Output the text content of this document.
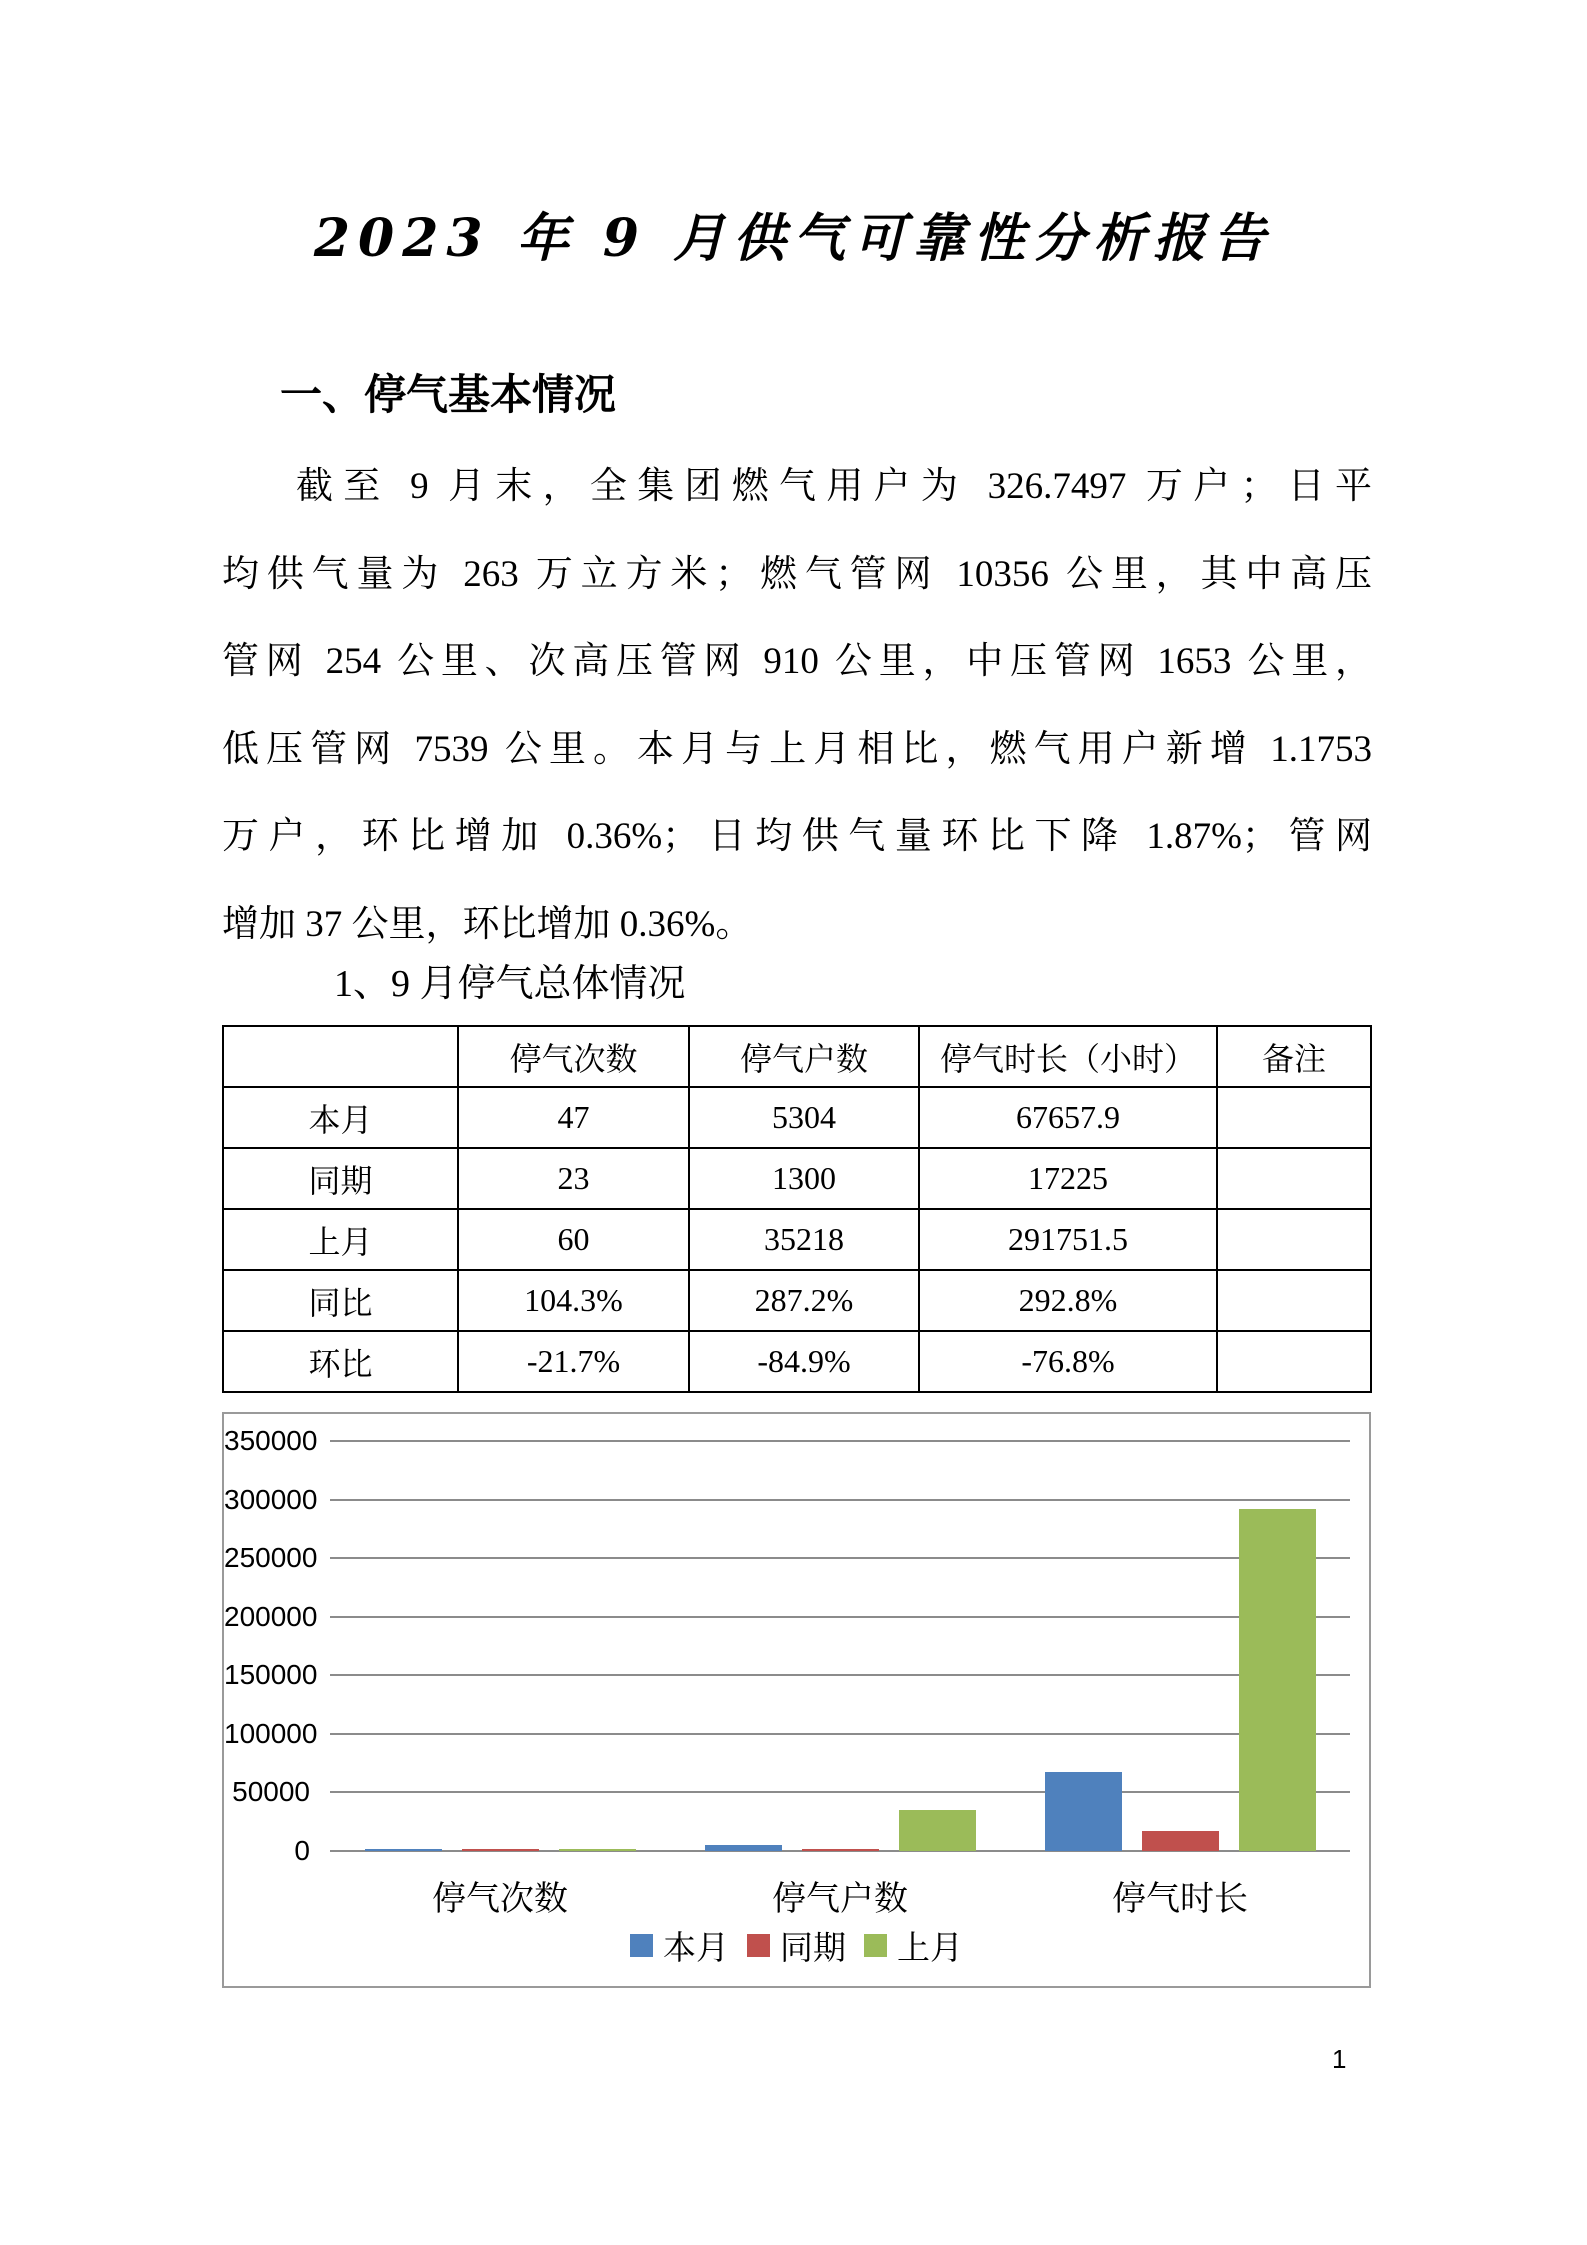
2023 年 9 月供气可靠性分析报告
一、停气基本情况
截至 9 月末，全集团燃气用户为 326.7497 万户；日平
均供气量为 263 万立方米；燃气管网 10356 公里，其中高压
管网 254 公里、次高压管网 910 公里，中压管网 1653 公里，
低压管网 7539 公里。本月与上月相比，燃气用户新增 1.1753
万户，环比增加 0.36%；日均供气量环比下降 1.87%；管网
增加 37 公里，环比增加 0.36%。
1、9 月停气总体情况
	停气次数	停气户数	停气时长（小时）	备注
本月	47	5304	67657.9	
同期	23	1300	17225	
上月	60	35218	291751.5	
同比	104.3%	287.2%	292.8%	
环比	-21.7%	-84.9%	-76.8%	
本月 同期 上月
350000
300000
250000
200000
150000
100000
50000
0
停气次数	停气户数	停气时长
1
